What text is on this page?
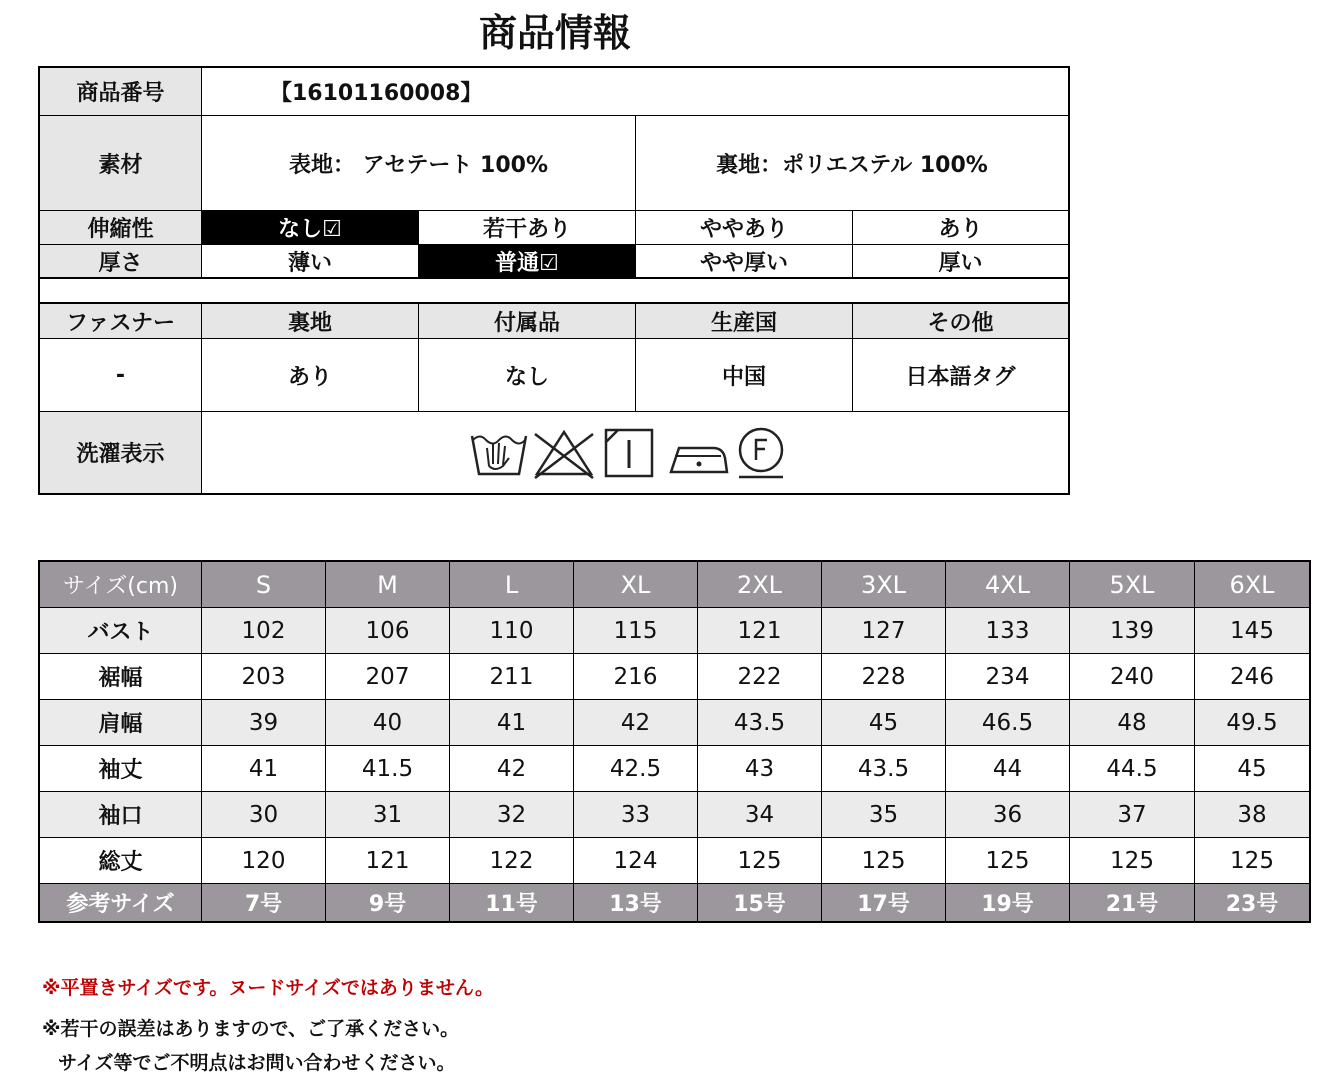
商品情報
商品番号	【16101160008】
素材	表地： アセテート 100%	裏地：ポリエステル 100%
伸縮性	なし☑	若干あり	ややあり	あり
厚さ	薄い	普通☑	やや厚い	厚い
ファスナー	裏地	付属品	生産国	その他
-	あり	なし	中国	日本語タグ
洗濯表示
サイズ(cm)	S	M	L	XL	2XL	3XL	4XL	5XL	6XL
バスト	102	106	110	115	121	127	133	139	145
裾幅	203	207	211	216	222	228	234	240	246
肩幅	39	40	41	42	43.5	45	46.5	48	49.5
袖丈	41	41.5	42	42.5	43	43.5	44	44.5	45
袖口	30	31	32	33	34	35	36	37	38
総丈	120	121	122	124	125	125	125	125	125
参考サイズ	7号	9号	11号	13号	15号	17号	19号	21号	23号
※平置きサイズです。ヌードサイズではありません。
※若干の誤差はありますので、ご了承ください。
サイズ等でご不明点はお問い合わせください。
